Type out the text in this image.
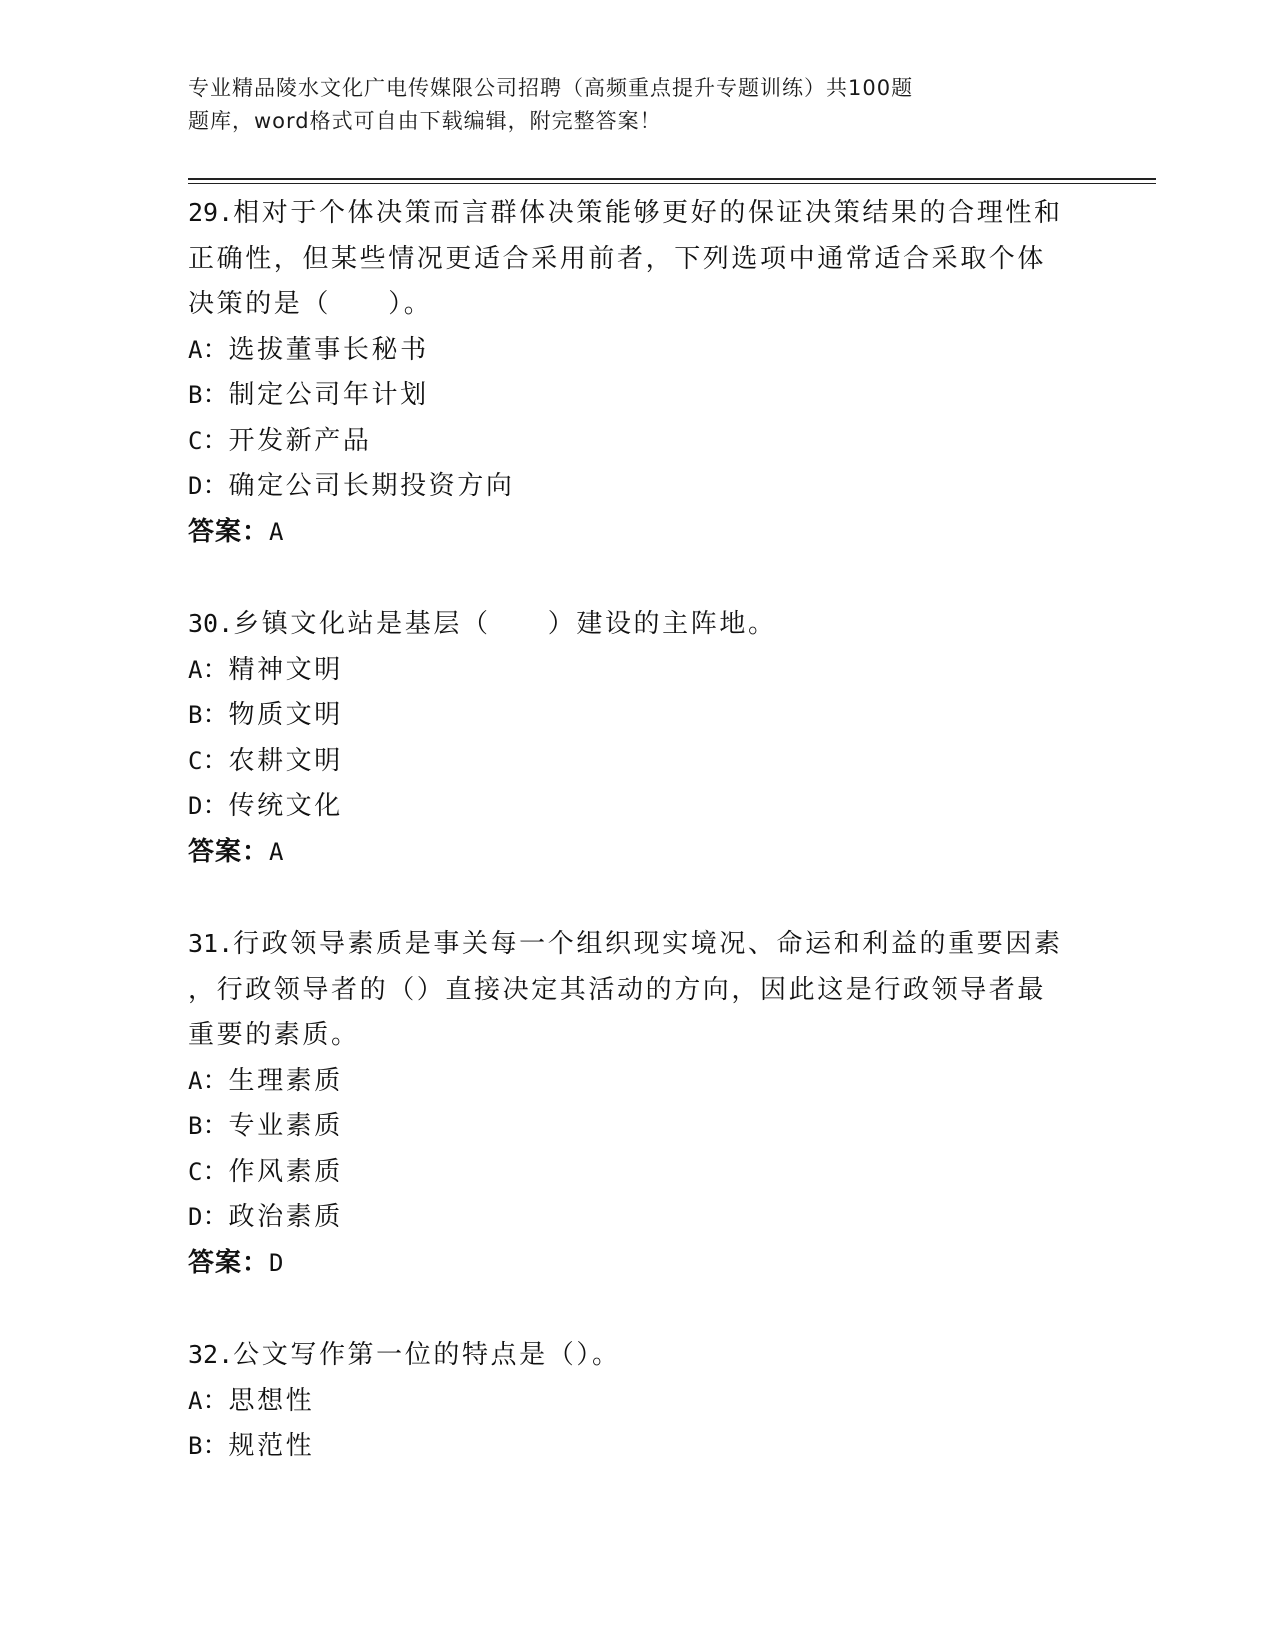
专业精品陵水文化广电传媒限公司招聘（高频重点提升专题训练）共100题
题库，word格式可自由下载编辑，附完整答案！
29.相对于个体决策而言群体决策能够更好的保证决策结果的合理性和
正确性，但某些情况更适合采用前者，下列选项中通常适合采取个体
决策的是（　　）。
A：选拔董事长秘书
B：制定公司年计划
C：开发新产品
D：确定公司长期投资方向
答案：A
30.乡镇文化站是基层（　　）建设的主阵地。
A：精神文明
B：物质文明
C：农耕文明
D：传统文化
答案：A
31.行政领导素质是事关每一个组织现实境况、命运和利益的重要因素
，行政领导者的（）直接决定其活动的方向，因此这是行政领导者最
重要的素质。
A：生理素质
B：专业素质
C：作风素质
D：政治素质
答案：D
32.公文写作第一位的特点是（）。
A：思想性
B：规范性
